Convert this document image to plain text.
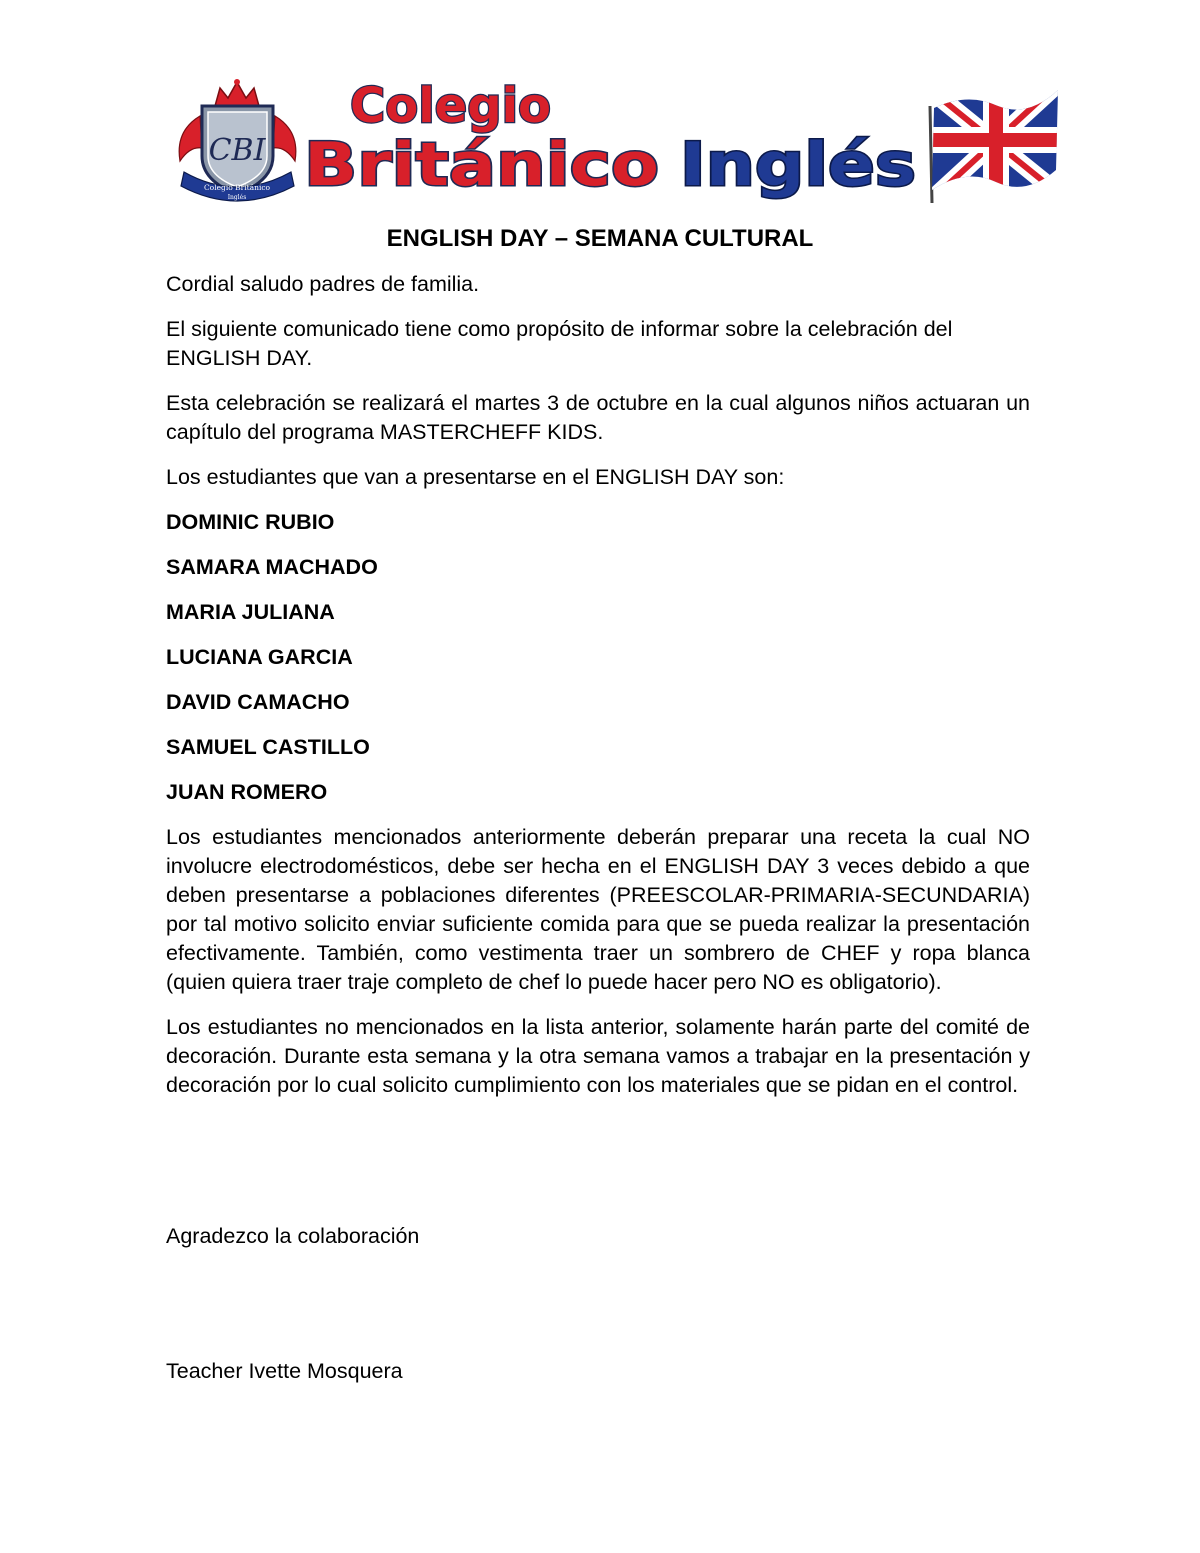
CBI
Colegio Británico
Inglés
Colegio
Británico Inglés
ENGLISH DAY – SEMANA CULTURAL

Cordial saludo padres de familia.

El siguiente comunicado tiene como propósito de informar sobre la celebración del ENGLISH DAY.

Esta celebración se realizará el martes 3 de octubre en la cual algunos niños actuaran un capítulo del programa MASTERCHEFF KIDS.

Los estudiantes que van a presentarse en el ENGLISH DAY son:

DOMINIC RUBIO

SAMARA MACHADO

MARIA JULIANA

LUCIANA GARCIA

DAVID CAMACHO

SAMUEL CASTILLO

JUAN ROMERO

Los estudiantes mencionados anteriormente deberán preparar una receta la cual NO involucre electrodomésticos, debe ser hecha en el ENGLISH DAY 3 veces debido a que deben presentarse a poblaciones diferentes (PREESCOLAR-PRIMARIA-SECUNDARIA) por tal motivo solicito enviar suficiente comida para que se pueda realizar la presentación efectivamente. También, como vestimenta traer un sombrero de CHEF y ropa blanca (quien quiera traer traje completo de chef lo puede hacer pero NO es obligatorio).

Los estudiantes no mencionados en la lista anterior, solamente harán parte del comité de decoración. Durante esta semana y la otra semana vamos a trabajar en la presentación y decoración por lo cual solicito cumplimiento con los materiales que se pidan en el control.

Agradezco la colaboración
Teacher Ivette Mosquera
